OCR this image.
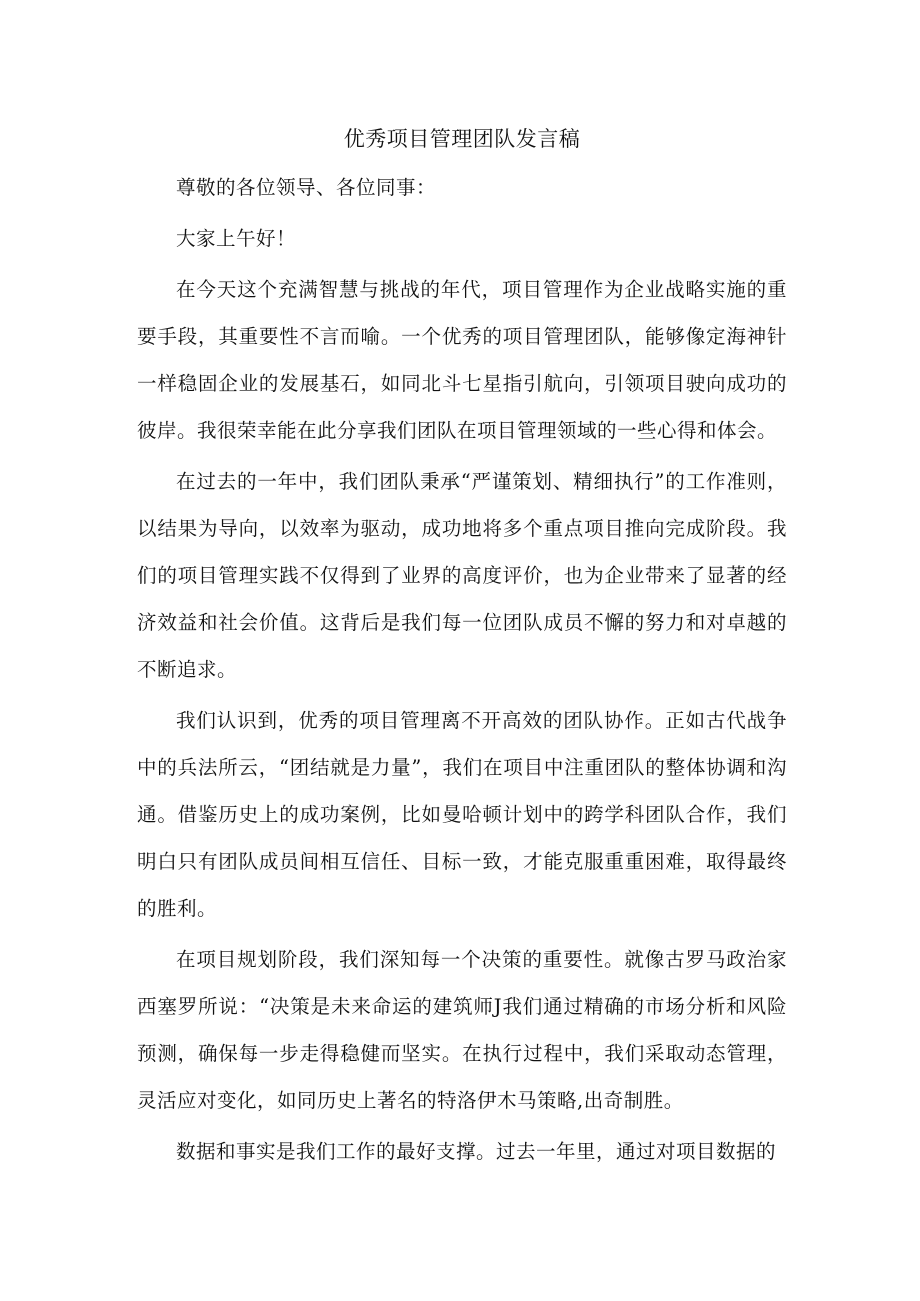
优秀项目管理团队发言稿

尊敬的各位领导、各位同事：

大家上午好！

在今天这个充满智慧与挑战的年代，项目管理作为企业战略实施的重要手段，其重要性不言而喻。一个优秀的项目管理团队，能够像定海神针一样稳固企业的发展基石，如同北斗七星指引航向，引领项目驶向成功的彼岸。我很荣幸能在此分享我们团队在项目管理领域的一些心得和体会。

在过去的一年中，我们团队秉承“严谨策划、精细执行”的工作准则，以结果为导向，以效率为驱动，成功地将多个重点项目推向完成阶段。我们的项目管理实践不仅得到了业界的高度评价，也为企业带来了显著的经济效益和社会价值。这背后是我们每一位团队成员不懈的努力和对卓越的不断追求。

我们认识到，优秀的项目管理离不开高效的团队协作。正如古代战争中的兵法所云，“团结就是力量”，我们在项目中注重团队的整体协调和沟通。借鉴历史上的成功案例，比如曼哈顿计划中的跨学科团队合作，我们明白只有团队成员间相互信任、目标一致，才能克服重重困难，取得最终的胜利。

在项目规划阶段，我们深知每一个决策的重要性。就像古罗马政治家西塞罗所说：“决策是未来命运的建筑师J我们通过精确的市场分析和风险预测，确保每一步走得稳健而坚实。在执行过程中，我们采取动态管理，灵活应对变化，如同历史上著名的特洛伊木马策略,出奇制胜。

数据和事实是我们工作的最好支撑。过去一年里，通过对项目数据的
